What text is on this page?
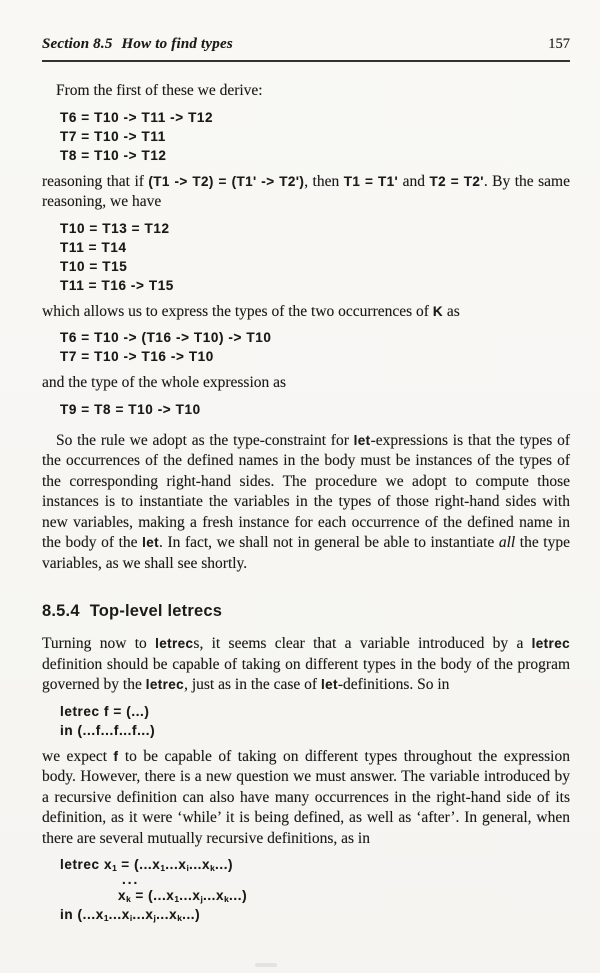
Section 8.5 How to find types	157

From the first of these we derive:

T6 = T10 -> T11 -> T12
T7 = T10 -> T11
T8 = T10 -> T12

reasoning that if (T1 -> T2) = (T1' -> T2'), then T1 = T1' and T2 = T2'. By the same reasoning, we have

T10 = T13 = T12
T11 = T14
T10 = T15
T11 = T16 -> T15

which allows us to express the types of the two occurrences of K as

T6 = T10 -> (T16 -> T10) -> T10
T7 = T10 -> T16 -> T10

and the type of the whole expression as

T9 = T8 = T10 -> T10

So the rule we adopt as the type-constraint for let-expressions is that the types of the occurrences of the defined names in the body must be instances of the types of the corresponding right-hand sides. The procedure we adopt to compute those instances is to instantiate the variables in the types of those right-hand sides with new variables, making a fresh instance for each occurrence of the defined name in the body of the let. In fact, we shall not in general be able to instantiate all the type variables, as we shall see shortly.

8.5.4 Top-level letrecs

Turning now to letrecs, it seems clear that a variable introduced by a letrec definition should be capable of taking on different types in the body of the program governed by the letrec, just as in the case of let-definitions. So in

letrec f = (...)
in (...f...f...f...)

we expect f to be capable of taking on different types throughout the expression body. However, there is a new question we must answer. The variable introduced by a recursive definition can also have many occurrences in the right-hand side of its definition, as it were ‘while’ it is being defined, as well as ‘after’. In general, when there are several mutually recursive definitions, as in

letrec $x_1 = (...x_1...x_i...x_k...)$
...
$x_k = (...x_1...x_j...x_k...)$
in $(...x_1...x_i...x_j...x_k...)$
